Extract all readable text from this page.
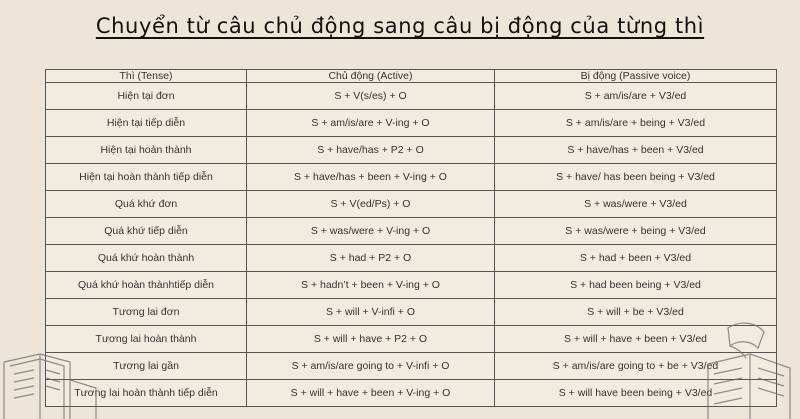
Chuyển từ câu chủ động sang câu bị động của từng thì
Thì (Tense)	Chủ động (Active)	Bị động (Passive voice)
Hiện tại đơn	S + V(s/es) + O	S + am/is/are + V3/ed
Hiện tại tiếp diễn	S + am/is/are + V-ing + O	S + am/is/are + being + V3/ed
Hiện tại hoàn thành	S + have/has + P2 + O	S + have/has + been + V3/ed
Hiện tại hoàn thành tiếp diễn	S + have/has + been + V-ing + O	S + have/ has been being + V3/ed
Quá khứ đơn	S + V(ed/Ps) + O	S + was/were + V3/ed
Quá khứ tiếp diễn	S + was/were + V-ing + O	S + was/were + being + V3/ed
Quá khứ hoàn thành	S + had + P2 + O	S + had + been + V3/ed
Quá khứ hoàn thànhtiếp diễn	S + hadn’t + been + V-ing + O	S + had been being + V3/ed
Tương lai đơn	S + will + V-infi + O	S + will + be + V3/ed
Tương lai hoàn thành	S + will + have + P2 + O	S + will + have + been + V3/ed
Tương lai gần	S + am/is/are going to + V-infi + O	S + am/is/are going to + be + V3/ed
Tương lai hoàn thành tiếp diễn	S + will + have + been + V-ing + O	S + will have been being + V3/ed
